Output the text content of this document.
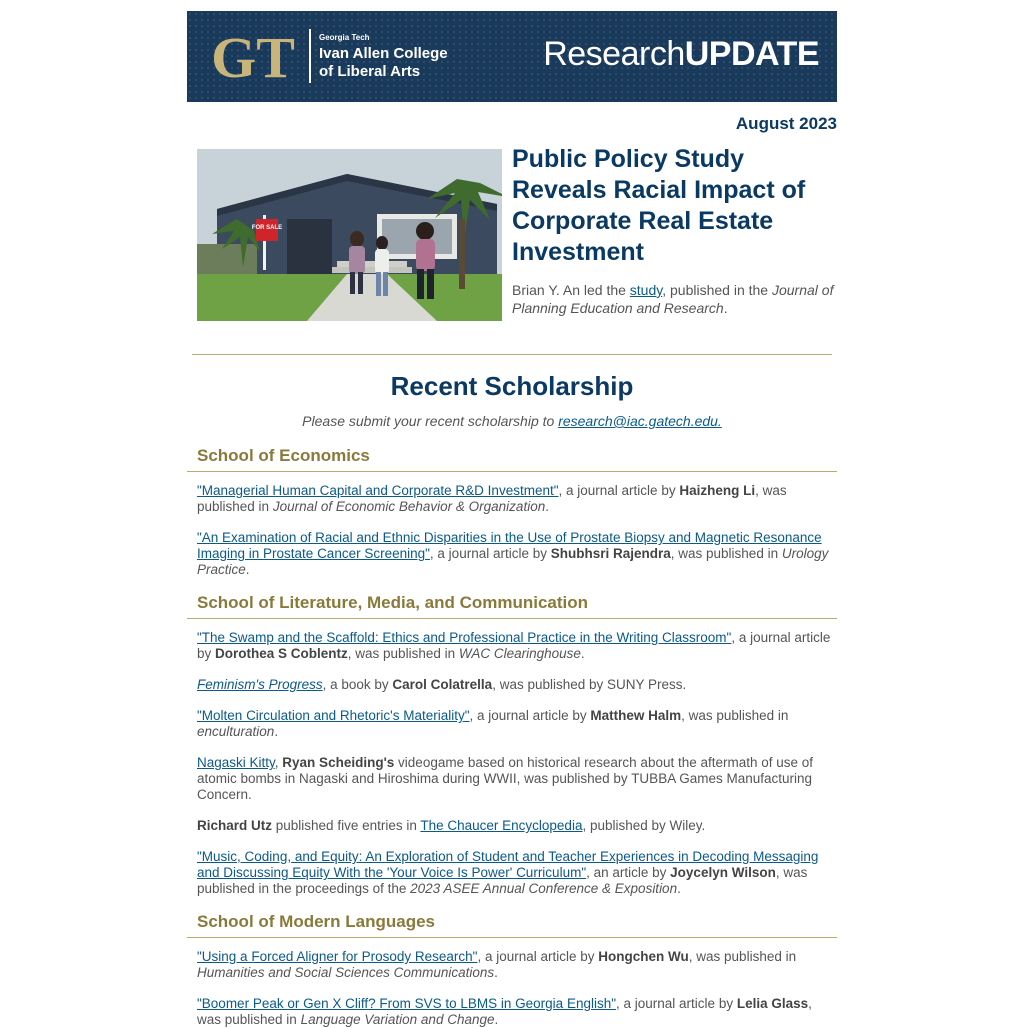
GT	Georgia Tech
Ivan Allen College
of Liberal Arts	ResearchUPDATE
August 2023
FOR SALE
Public Policy Study Reveals Racial Impact of Corporate Real Estate Investment
Brian Y. An led the study, published in the Journal of Planning Education and Research.
Recent Scholarship
Please submit your recent scholarship to research@iac.gatech.edu.
School of Economics
"Managerial Human Capital and Corporate R&D Investment", a journal article by Haizheng Li, was published in Journal of Economic Behavior & Organization.
"An Examination of Racial and Ethnic Disparities in the Use of Prostate Biopsy and Magnetic Resonance Imaging in Prostate Cancer Screening", a journal article by Shubhsri Rajendra, was published in Urology Practice.
School of Literature, Media, and Communication
"The Swamp and the Scaffold: Ethics and Professional Practice in the Writing Classroom", a journal article by Dorothea S Coblentz, was published in WAC Clearinghouse.
Feminism's Progress, a book by Carol Colatrella, was published by SUNY Press.
"Molten Circulation and Rhetoric's Materiality", a journal article by Matthew Halm, was published in enculturation.
Nagaski Kitty, Ryan Scheiding's videogame based on historical research about the aftermath of use of atomic bombs in Nagaski and Hiroshima during WWII, was published by TUBBA Games Manufacturing Concern.
Richard Utz published five entries in The Chaucer Encyclopedia, published by Wiley.
"Music, Coding, and Equity: An Exploration of Student and Teacher Experiences in Decoding Messaging and Discussing Equity With the 'Your Voice Is Power' Curriculum", an article by Joycelyn Wilson, was published in the proceedings of the 2023 ASEE Annual Conference & Exposition.
School of Modern Languages
"Using a Forced Aligner for Prosody Research", a journal article by Hongchen Wu, was published in Humanities and Social Sciences Communications.
"Boomer Peak or Gen X Cliff? From SVS to LBMS in Georgia English", a journal article by Lelia Glass, was published in Language Variation and Change.
